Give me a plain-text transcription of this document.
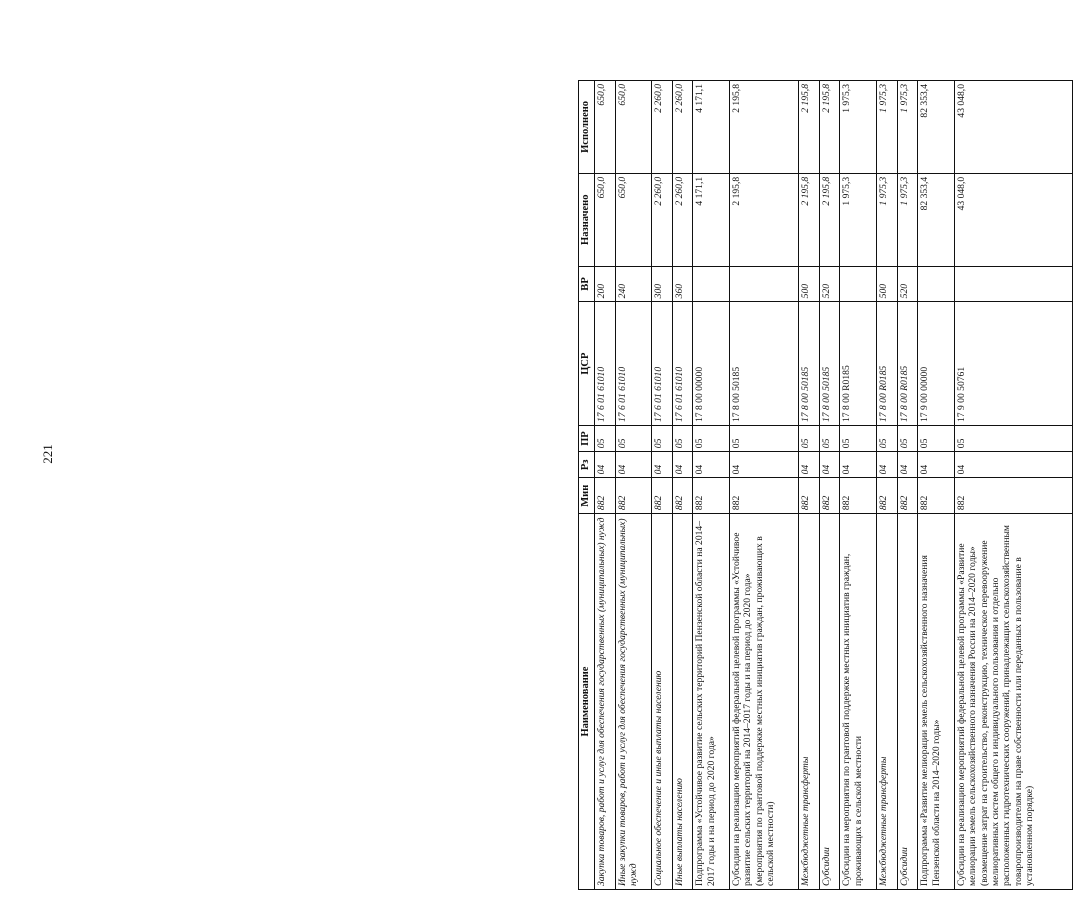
221
Наименование	Мин	Рз	ПР	ЦСР	ВР	Назначено	Исполнено
Закупка товаров, работ и услуг для обеспечения государственных (муниципальных) нужд	882	04	05	17 6 01 61010	200	650,0	650,0
Иные закупки товаров, работ и услуг для обеспечения государственных (муниципальных) нужд	882	04	05	17 6 01 61010	240	650,0	650,0
Социальное обеспечение и иные выплаты населению	882	04	05	17 6 01 61010	300	2 260,0	2 260,0
Иные выплаты населению	882	04	05	17 6 01 61010	360	2 260,0	2 260,0
Подпрограмма «Устойчивое развитие сельских территорий Пензенской области на 2014–2017 годы и на период до 2020 года»	882	04	05	17 8 00 00000		4 171,1	4 171,1
Субсидии на реализацию мероприятий федеральной целевой программы «Устойчивое развитие сельских территорий на 2014–2017 годы и на период до 2020 года» (мероприятия по грантовой поддержке местных инициатив граждан, проживающих в сельской местности)	882	04	05	17 8 00 50185		2 195,8	2 195,8
Межбюджетные трансферты	882	04	05	17 8 00 50185	500	2 195,8	2 195,8
Субсидии	882	04	05	17 8 00 50185	520	2 195,8	2 195,8
Субсидии на мероприятия по грантовой поддержке местных инициатив граждан, проживающих в сельской местности	882	04	05	17 8 00 R0185		1 975,3	1 975,3
Межбюджетные трансферты	882	04	05	17 8 00 R0185	500	1 975,3	1 975,3
Субсидии	882	04	05	17 8 00 R0185	520	1 975,3	1 975,3
Подпрограмма «Развитие мелиорации земель сельскохозяйственного назначения Пензенской области на 2014–2020 годы»	882	04	05	17 9 00 00000		82 353,4	82 353,4
Субсидии на реализацию мероприятий федеральной целевой программы «Развитие мелиорации земель сельскохозяйственного назначения России на 2014–2020 годы» (возмещение затрат на строительство, реконструкцию, техническое перевооружение мелиоративных систем общего и индивидуального пользования и отдельно расположенных гидротехнических сооружений, принадлежащих сельскохозяйственным товаропроизводителям на праве собственности или переданных в пользование в установленном порядке)	882	04	05	17 9 00 50761		43 048,0	43 048,0
